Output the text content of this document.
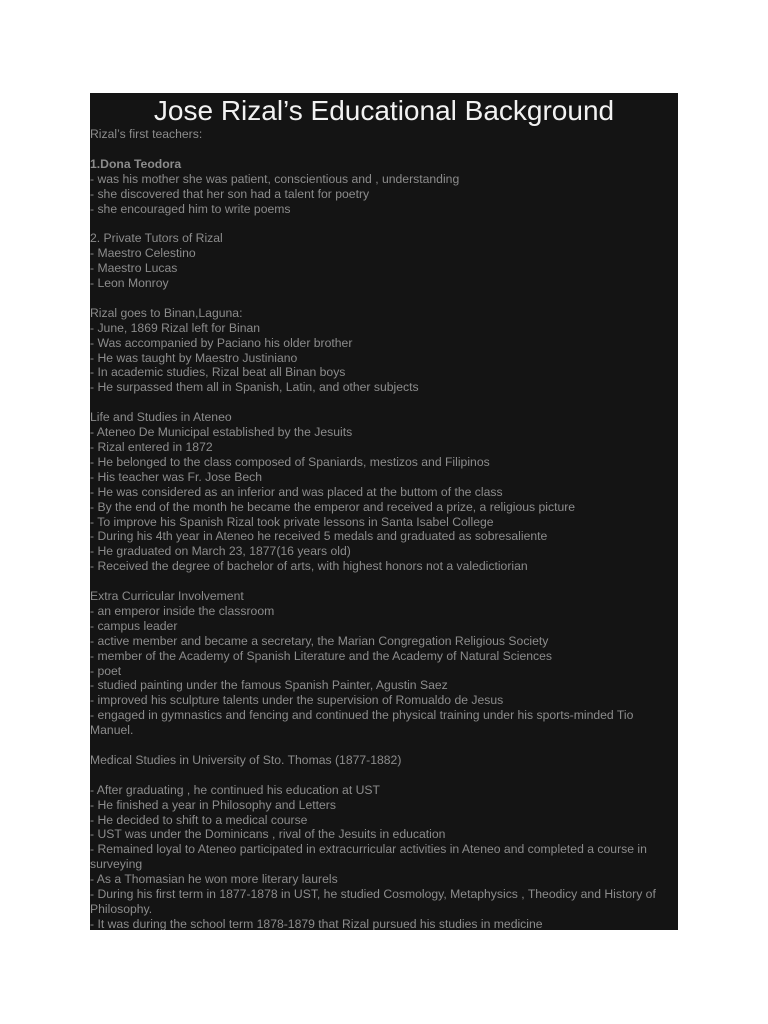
Jose Rizal’s Educational Background
Rizal’s first teachers:
1.Dona Teodora
- was his mother she was patient, conscientious and , understanding
- she discovered that her son had a talent for poetry
- she encouraged him to write poems
2. Private Tutors of Rizal
- Maestro Celestino
- Maestro Lucas
- Leon Monroy
Rizal goes to Binan,Laguna:
- June, 1869 Rizal left for Binan
- Was accompanied by Paciano his older brother
- He was taught by Maestro Justiniano
- In academic studies, Rizal beat all Binan boys
- He surpassed them all in Spanish, Latin, and other subjects
Life and Studies in Ateneo
- Ateneo De Municipal established by the Jesuits
- Rizal entered in 1872
- He belonged to the class composed of Spaniards, mestizos and Filipinos
- His teacher was Fr. Jose Bech
- He was considered as an inferior and was placed at the buttom of the class
- By the end of the month he became the emperor and received a prize, a religious picture
- To improve his Spanish Rizal took private lessons in Santa Isabel College
- During his 4th year in Ateneo he received 5 medals and graduated as sobresaliente
- He graduated on March 23, 1877(16 years old)
- Received the degree of bachelor of arts, with highest honors not a valedictiorian
Extra Curricular Involvement
- an emperor inside the classroom
- campus leader
- active member and became a secretary, the Marian Congregation Religious Society
- member of the Academy of Spanish Literature and the Academy of Natural Sciences
- poet
- studied painting under the famous Spanish Painter, Agustin Saez
- improved his sculpture talents under the supervision of Romualdo de Jesus
- engaged in gymnastics and fencing and continued the physical training under his sports-minded Tio
Manuel.
Medical Studies in University of Sto. Thomas (1877-1882)
- After graduating , he continued his education at UST
- He finished a year in Philosophy and Letters
- He decided to shift to a medical course
- UST was under the Dominicans , rival of the Jesuits in education
- Remained loyal to Ateneo participated in extracurricular activities in Ateneo and completed a course in
surveying
- As a Thomasian he won more literary laurels
- During his first term in 1877-1878 in UST, he studied Cosmology, Metaphysics , Theodicy and History of
Philosophy.
- It was during the school term 1878-1879 that Rizal pursued his studies in medicine
